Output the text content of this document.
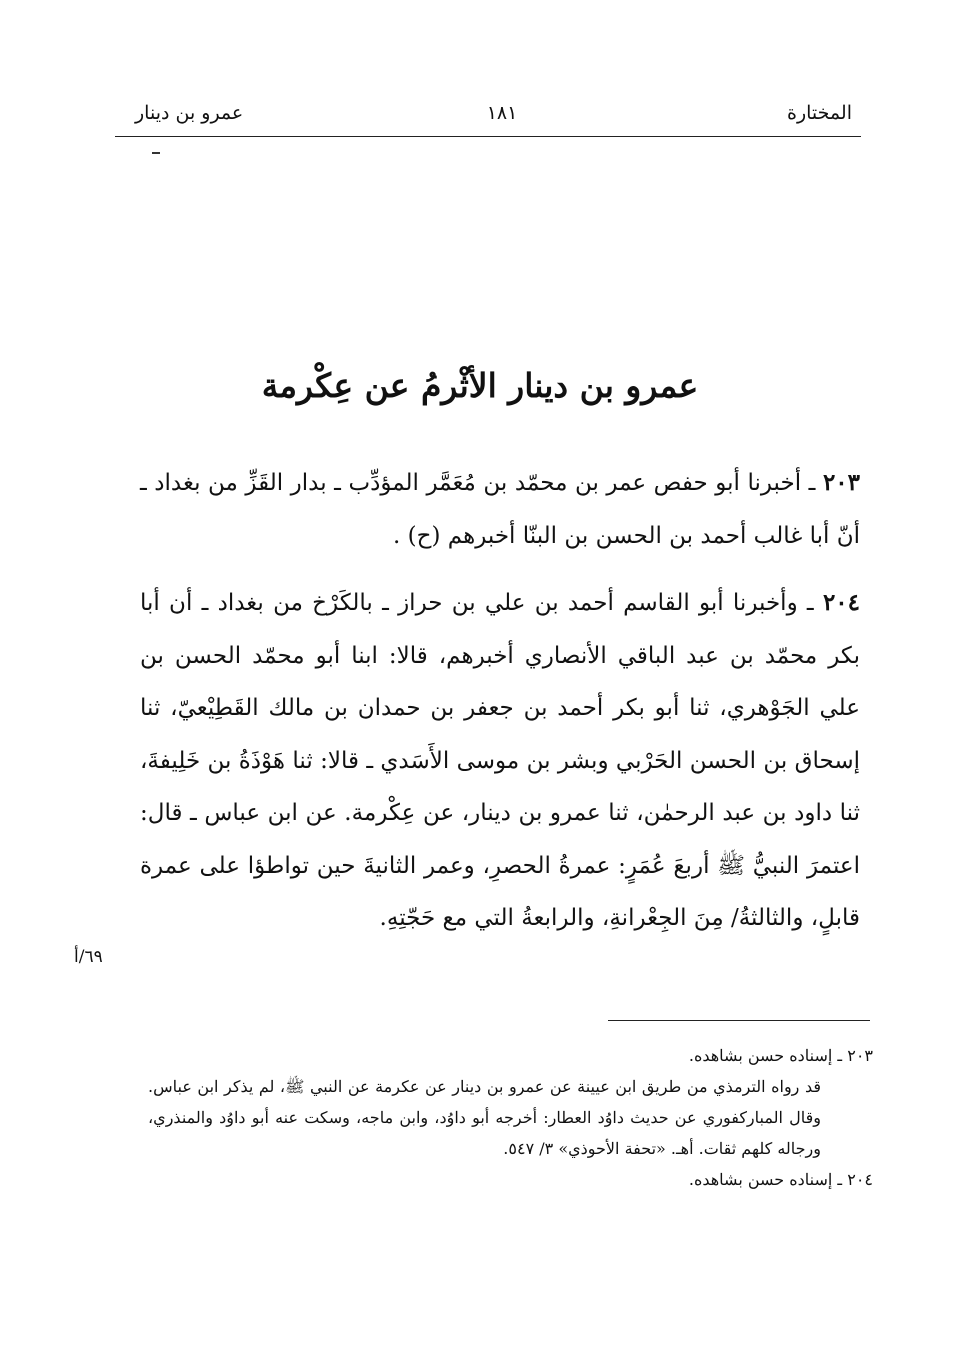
المختارة
١٨١
عمرو بن دينار
عمرو بن دينار الأثْرمُ عن عِكْرمة
٢٠٣ ـ أخبرنا أبو حفص عمر بن محمّد بن مُعَمَّر المؤدِّب ـ بدار القَزِّ من بغداد ـ أنّ أبا غالب أحمد بن الحسن بن البنّا أخبرهم (ح) .
٢٠٤ ـ وأخبرنا أبو القاسم أحمد بن علي بن حراز ـ بالكَرْخ من بغداد ـ أن أبا بكر محمّد بن عبد الباقي الأنصاري أخبرهم، قالا: ابنا أبو محمّد الحسن بن علي الجَوْهري، ثنا أبو بكر أحمد بن جعفر بن حمدان بن مالك القَطِيْعيّ، ثنا إسحاق بن الحسن الحَرْبي وبشر بن موسى الأَسَدي ـ قالا: ثنا هَوْذَةُ بن خَلِيفةَ، ثنا داود بن عبد الرحمٰن، ثنا عمرو بن دينار، عن عِكْرمة. عن ابن عباس ـ قال: اعتمرَ النبيُّ ﷺ أربعَ عُمَرٍ: عمرةُ الحصرِ، وعمر الثانيةَ حين تواطؤا على عمرة قابلٍ، والثالثةُ/ مِنَ الجِعْرانةِ، والرابعةُ التي مع حَجّتِهِ.
٦٩/أ
٢٠٣ ـ إسناده حسن بشاهده.
قد رواه الترمذي من طريق ابن عيينة عن عمرو بن دينار عن عكرمة عن النبي ﷺ، لم يذكر ابن عباس. وقال المباركفوري عن حديث داوُد العطار: أخرجه أبو داوُد، وابن ماجه، وسكت عنه أبو داوُد والمنذري، ورجاله كلهم ثقات. أهـ. «تحفة الأحوذي» ٣/ ٥٤٧.
٢٠٤ ـ إسناده حسن بشاهده.
